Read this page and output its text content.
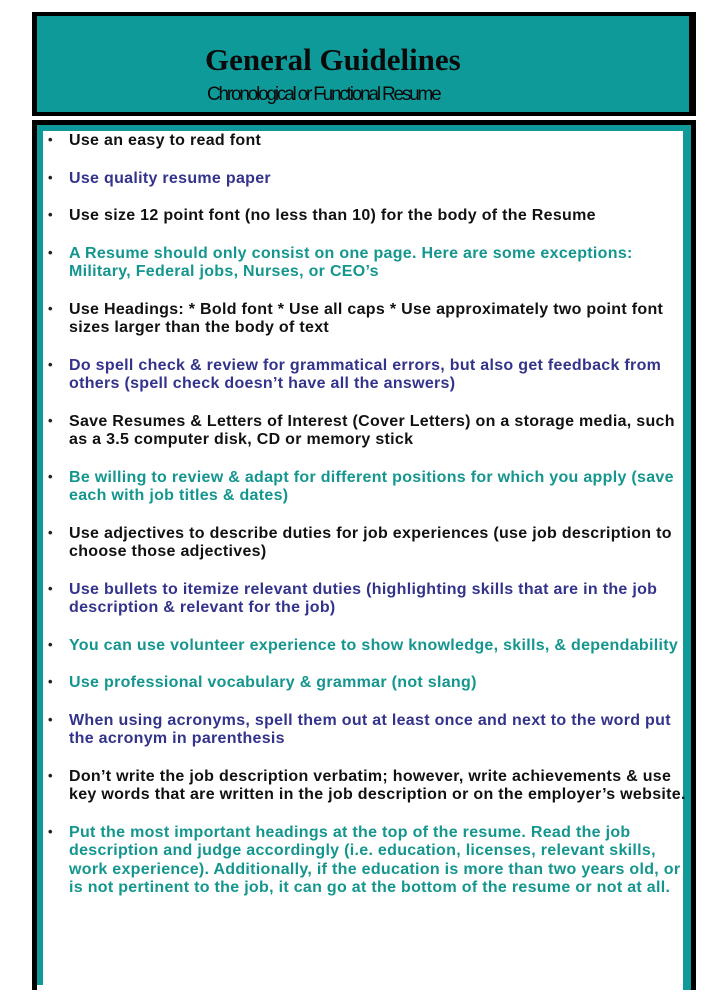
General Guidelines

Chronological or Functional Resume

• Use an easy to read font
• Use quality resume paper
• Use size 12 point font (no less than 10) for the body of the Resume
• A Resume should only consist on one page. Here are some exceptions: Military, Federal jobs, Nurses, or CEO’s
• Use Headings: * Bold font * Use all caps * Use approximately two point font sizes larger than the body of text
• Do spell check & review for grammatical errors, but also get feedback from others (spell check doesn’t have all the answers)
• Save Resumes & Letters of Interest (Cover Letters) on a storage media, such as a 3.5 computer disk, CD or memory stick
• Be willing to review & adapt for different positions for which you apply (save each with job titles & dates)
• Use adjectives to describe duties for job experiences (use job description to choose those adjectives)
• Use bullets to itemize relevant duties (highlighting skills that are in the job description & relevant for the job)
• You can use volunteer experience to show knowledge, skills, & dependability
• Use professional vocabulary & grammar (not slang)
• When using acronyms, spell them out at least once and next to the word put the acronym in parenthesis
• Don’t write the job description verbatim; however, write achievements & use key words that are written in the job description or on the employer’s website.
• Put the most important headings at the top of the resume. Read the job description and judge accordingly (i.e. education, licenses, relevant skills, work experience). Additionally, if the education is more than two years old, or is not pertinent to the job, it can go at the bottom of the resume or not at all.
